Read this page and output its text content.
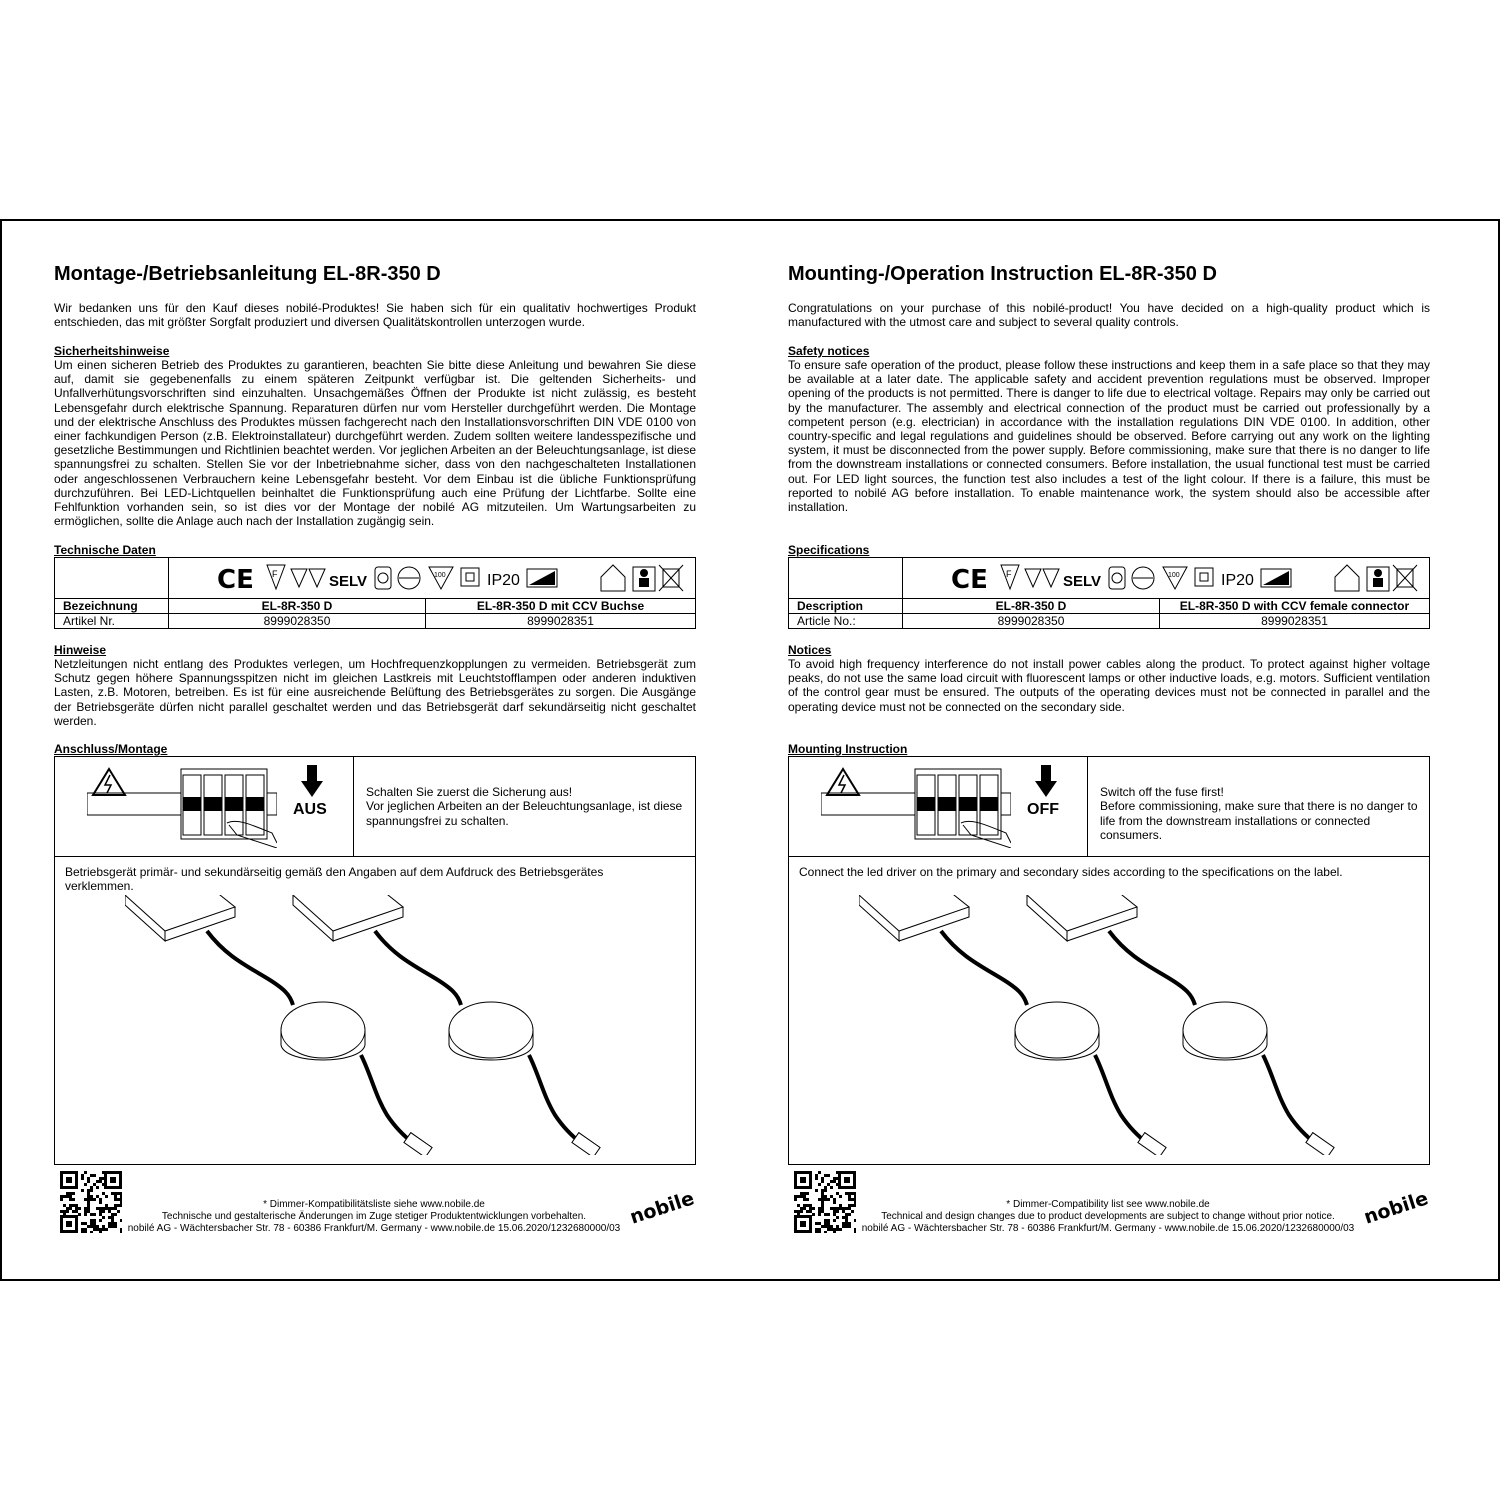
Montage-/Betriebsanleitung EL-8R-350 D
Wir bedanken uns für den Kauf dieses nobilé-Produktes! Sie haben sich für ein qualitativ hochwertiges Produkt entschieden, das mit größter Sorgfalt produziert und diversen Qualitätskontrollen unterzogen wurde.
Sicherheitshinweise
Um einen sicheren Betrieb des Produktes zu garantieren, beachten Sie bitte diese Anleitung und bewahren Sie diese auf, damit sie gegebenenfalls zu einem späteren Zeitpunkt verfügbar ist. Die geltenden Sicherheits- und Unfallverhütungsvorschriften sind einzuhalten. Unsachgemäßes Öffnen der Produkte ist nicht zulässig, es besteht Lebensgefahr durch elektrische Spannung. Reparaturen dürfen nur vom Hersteller durchgeführt werden. Die Montage und der elektrische Anschluss des Produktes müssen fachgerecht nach den Installationsvorschriften DIN VDE 0100 von einer fachkundigen Person (z.B. Elektroinstallateur) durchgeführt werden. Zudem sollten weitere landesspezifische und gesetzliche Bestimmungen und Richtlinien beachtet werden. Vor jeglichen Arbeiten an der Beleuchtungsanlage, ist diese spannungsfrei zu schalten. Stellen Sie vor der Inbetriebnahme sicher, dass von den nachgeschalteten Installationen oder angeschlossenen Verbrauchern keine Lebensgefahr besteht. Vor dem Einbau ist die übliche Funktionsprüfung durchzuführen. Bei LED-Lichtquellen beinhaltet die Funktionsprüfung auch eine Prüfung der Lichtfarbe. Sollte eine Fehlfunktion vorhanden sein, so ist dies vor der Montage der nobilé AG mitzuteilen. Um Wartungsarbeiten zu ermöglichen, sollte die Anlage auch nach der Installation zugängig sein.
Technische Daten

CE F SELV 100 IP20	

Bezeichnung	EL-8R-350 D	EL-8R-350 D mit CCV Buchse
Artikel Nr.	8999028350	8999028351
Hinweise
Netzleitungen nicht entlang des Produktes verlegen, um Hochfrequenzkopplungen zu vermeiden. Betriebsgerät zum Schutz gegen höhere Spannungsspitzen nicht im gleichen Lastkreis mit Leuchtstofflampen oder anderen induktiven Lasten, z.B. Motoren, betreiben. Es ist für eine ausreichende Belüftung des Betriebsgerätes zu sorgen. Die Ausgänge der Betriebsgeräte dürfen nicht parallel geschaltet werden und das Betriebsgerät darf sekundärseitig nicht geschaltet werden.
Anschluss/Montage
AUS
Schalten Sie zuerst die Sicherung aus!
Vor jeglichen Arbeiten an der Beleuchtungsanlage, ist diese spannungsfrei zu schalten.
Betriebsgerät primär- und sekundärseitig gemäß den Angaben auf dem Aufdruck des Betriebsgerätes verklemmen.
* Dimmer-Kompatibilitätsliste siehe www.nobile.de
Technische und gestalterische Änderungen im Zuge stetiger Produktentwicklungen vorbehalten.
nobilé AG - Wächtersbacher Str. 78 - 60386 Frankfurt/M. Germany - www.nobile.de 15.06.2020/1232680000/03 nobile
Mounting-/Operation Instruction EL-8R-350 D
Congratulations on your purchase of this nobilé-product! You have decided on a high-quality product which is manufactured with the utmost care and subject to several quality controls.
Safety notices
To ensure safe operation of the product, please follow these instructions and keep them in a safe place so that they may be available at a later date. The applicable safety and accident prevention regulations must be observed. Improper opening of the products is not permitted. There is danger to life due to electrical voltage. Repairs may only be carried out by the manufacturer. The assembly and electrical connection of the product must be carried out professionally by a competent person (e.g. electrician) in accordance with the installation regulations DIN VDE 0100. In addition, other country-specific and legal regulations and guidelines should be observed. Before carrying out any work on the lighting system, it must be disconnected from the power supply. Before commissioning, make sure that there is no danger to life from the downstream installations or connected consumers. Before installation, the usual functional test must be carried out. For LED light sources, the function test also includes a test of the light colour. If there is a failure, this must be reported to nobilé AG before installation. To enable maintenance work, the system should also be accessible after installation.
Specifications

CE F SELV 100 IP20	

Description	EL-8R-350 D	EL-8R-350 D with CCV female connector
Article No.:	8999028350	8999028351
Notices
To avoid high frequency interference do not install power cables along the product. To protect against higher voltage peaks, do not use the same load circuit with fluorescent lamps or other inductive loads, e.g. motors. Sufficient ventilation of the control gear must be ensured. The outputs of the operating devices must not be connected in parallel and the operating device must not be connected on the secondary side.
Mounting Instruction
OFF
Switch off the fuse first!
Before commissioning, make sure that there is no danger to life from the downstream installations or connected consumers.
Connect the led driver on the primary and secondary sides according to the specifications on the label.
* Dimmer-Compatibility list see www.nobile.de
Technical and design changes due to product developments are subject to change without prior notice.
nobilé AG - Wächtersbacher Str. 78 - 60386 Frankfurt/M. Germany - www.nobile.de 15.06.2020/1232680000/03 nobile
